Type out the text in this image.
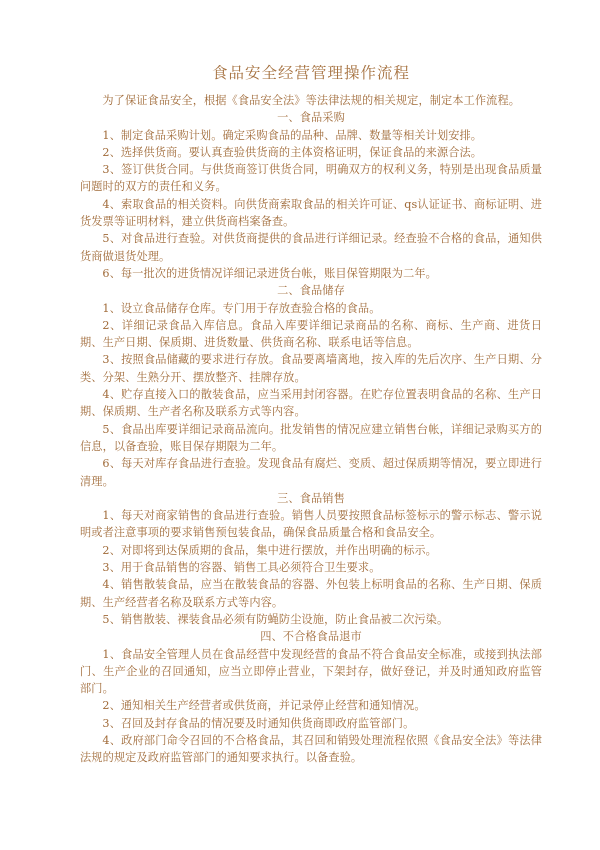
食品安全经营管理操作流程

为了保证食品安全，根据《食品安全法》等法律法规的相关规定，制定本工作流程。

一、食品采购

1、制定食品采购计划。确定采购食品的品种、品牌、数量等相关计划安排。

2、选择供货商。要认真查验供货商的主体资格证明，保证食品的来源合法。

3、签订供货合同。与供货商签订供货合同，明确双方的权利义务，特别是出现食品质量问题时的双方的责任和义务。

4、索取食品的相关资料。向供货商索取食品的相关许可证、qs认证证书、商标证明、进货发票等证明材料，建立供货商档案备查。

5、对食品进行查验。对供货商提供的食品进行详细记录。经查验不合格的食品，通知供货商做退货处理。

6、每一批次的进货情况详细记录进货台帐，账目保管期限为二年。

二、食品储存

1、设立食品储存仓库。专门用于存放查验合格的食品。

2、详细记录食品入库信息。食品入库要详细记录商品的名称、商标、生产商、进货日期、生产日期、保质期、进货数量、供货商名称、联系电话等信息。

3、按照食品储藏的要求进行存放。食品要离墙离地，按入库的先后次序、生产日期、分类、分架、生熟分开、摆放整齐、挂牌存放。

4、贮存直接入口的散装食品，应当采用封闭容器。在贮存位置表明食品的名称、生产日期、保质期、生产者名称及联系方式等内容。

5、食品出库要详细记录商品流向。批发销售的情况应建立销售台帐，详细记录购买方的信息，以备查验，账目保存期限为二年。

6、每天对库存食品进行查验。发现食品有腐烂、变质、超过保质期等情况，要立即进行清理。

三、食品销售

1、每天对商家销售的食品进行查验。销售人员要按照食品标签标示的警示标志、警示说明或者注意事项的要求销售预包装食品，确保食品质量合格和食品安全。

2、对即将到达保质期的食品，集中进行摆放，并作出明确的标示。

3、用于食品销售的容器、销售工具必须符合卫生要求。

4、销售散装食品，应当在散装食品的容器、外包装上标明食品的名称、生产日期、保质期、生产经营者名称及联系方式等内容。

5、销售散装、裸装食品必须有防蝇防尘设施，防止食品被二次污染。

四、不合格食品退市

1、食品安全管理人员在食品经营中发现经营的食品不符合食品安全标准，或接到执法部门、生产企业的召回通知，应当立即停止营业，下架封存，做好登记，并及时通知政府监管部门。

2、通知相关生产经营者或供货商，并记录停止经营和通知情况。

3、召回及封存食品的情况要及时通知供货商即政府监管部门。

4、政府部门命令召回的不合格食品，其召回和销毁处理流程依照《食品安全法》等法律法规的规定及政府监管部门的通知要求执行。以备查验。
